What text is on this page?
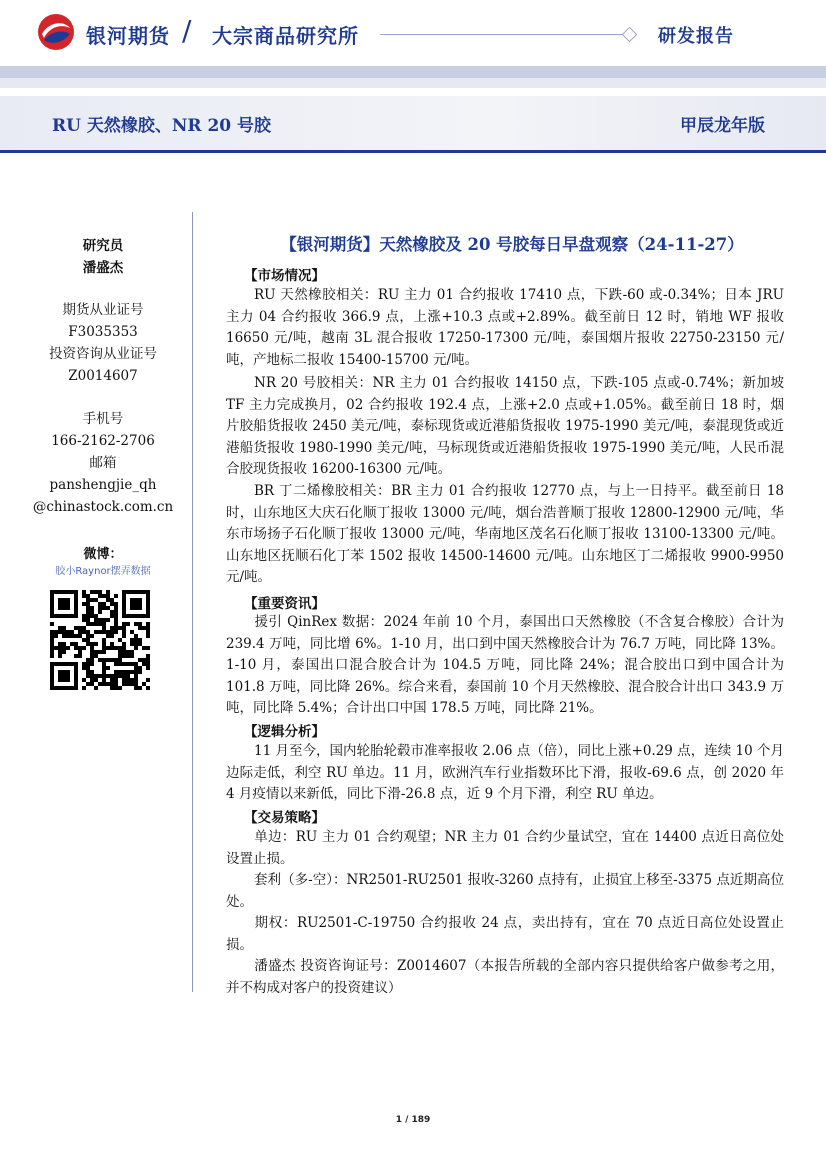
银河期货 / 大宗商品研究所	研发报告
RU 天然橡胶、NR 20 号胶	甲辰龙年版
研究员
潘盛杰
期货从业证号
F3035353
投资咨询从业证号
Z0014607
手机号
166-2162-2706
邮箱
panshengjie_qh
@chinastock.com.cn
微博：
胶小Raynor摆弄数据
【银河期货】天然橡胶及 20 号胶每日早盘观察（24-11-27）
【市场情况】
RU 天然橡胶相关：RU 主力 01 合约报收 17410 点，下跌-60 或-0.34%；日本 JRU 主力 04 合约报收 366.9 点，上涨+10.3 点或+2.89%。截至前日 12 时，销地 WF 报收 16650 元/吨，越南 3L 混合报收 17250-17300 元/吨，泰国烟片报收 22750-23150 元/吨，产地标二报收 15400-15700 元/吨。
NR 20 号胶相关：NR 主力 01 合约报收 14150 点，下跌-105 点或-0.74%；新加坡 TF 主力完成换月，02 合约报收 192.4 点，上涨+2.0 点或+1.05%。截至前日 18 时，烟片胶船货报收 2450 美元/吨，泰标现货或近港船货报收 1975-1990 美元/吨，泰混现货或近港船货报收 1980-1990 美元/吨，马标现货或近港船货报收 1975-1990 美元/吨，人民币混合胶现货报收 16200-16300 元/吨。
BR 丁二烯橡胶相关：BR 主力 01 合约报收 12770 点，与上一日持平。截至前日 18 时，山东地区大庆石化顺丁报收 13000 元/吨，烟台浩普顺丁报收 12800-12900 元/吨，华东市场扬子石化顺丁报收 13000 元/吨，华南地区茂名石化顺丁报收 13100-13300 元/吨。山东地区抚顺石化丁苯 1502 报收 14500-14600 元/吨。山东地区丁二烯报收 9900-9950 元/吨。
【重要资讯】
援引 QinRex 数据：2024 年前 10 个月，泰国出口天然橡胶（不含复合橡胶）合计为 239.4 万吨，同比增 6%。1-10 月，出口到中国天然橡胶合计为 76.7 万吨，同比降 13%。1-10 月，泰国出口混合胶合计为 104.5 万吨，同比降 24%；混合胶出口到中国合计为 101.8 万吨，同比降 26%。综合来看，泰国前 10 个月天然橡胶、混合胶合计出口 343.9 万吨，同比降 5.4%；合计出口中国 178.5 万吨，同比降 21%。
【逻辑分析】
11 月至今，国内轮胎轮毂市准率报收 2.06 点（倍），同比上涨+0.29 点，连续 10 个月边际走低，利空 RU 单边。11 月，欧洲汽车行业指数环比下滑，报收-69.6 点，创 2020 年 4 月疫情以来新低，同比下滑-26.8 点，近 9 个月下滑，利空 RU 单边。
【交易策略】
单边：RU 主力 01 合约观望；NR 主力 01 合约少量试空，宜在 14400 点近日高位处设置止损。
套利（多-空）：NR2501-RU2501 报收-3260 点持有，止损宜上移至-3375 点近期高位处。
期权：RU2501-C-19750 合约报收 24 点，卖出持有，宜在 70 点近日高位处设置止损。
潘盛杰 投资咨询证号：Z0014607（本报告所载的全部内容只提供给客户做参考之用，并不构成对客户的投资建议）
1 / 189
